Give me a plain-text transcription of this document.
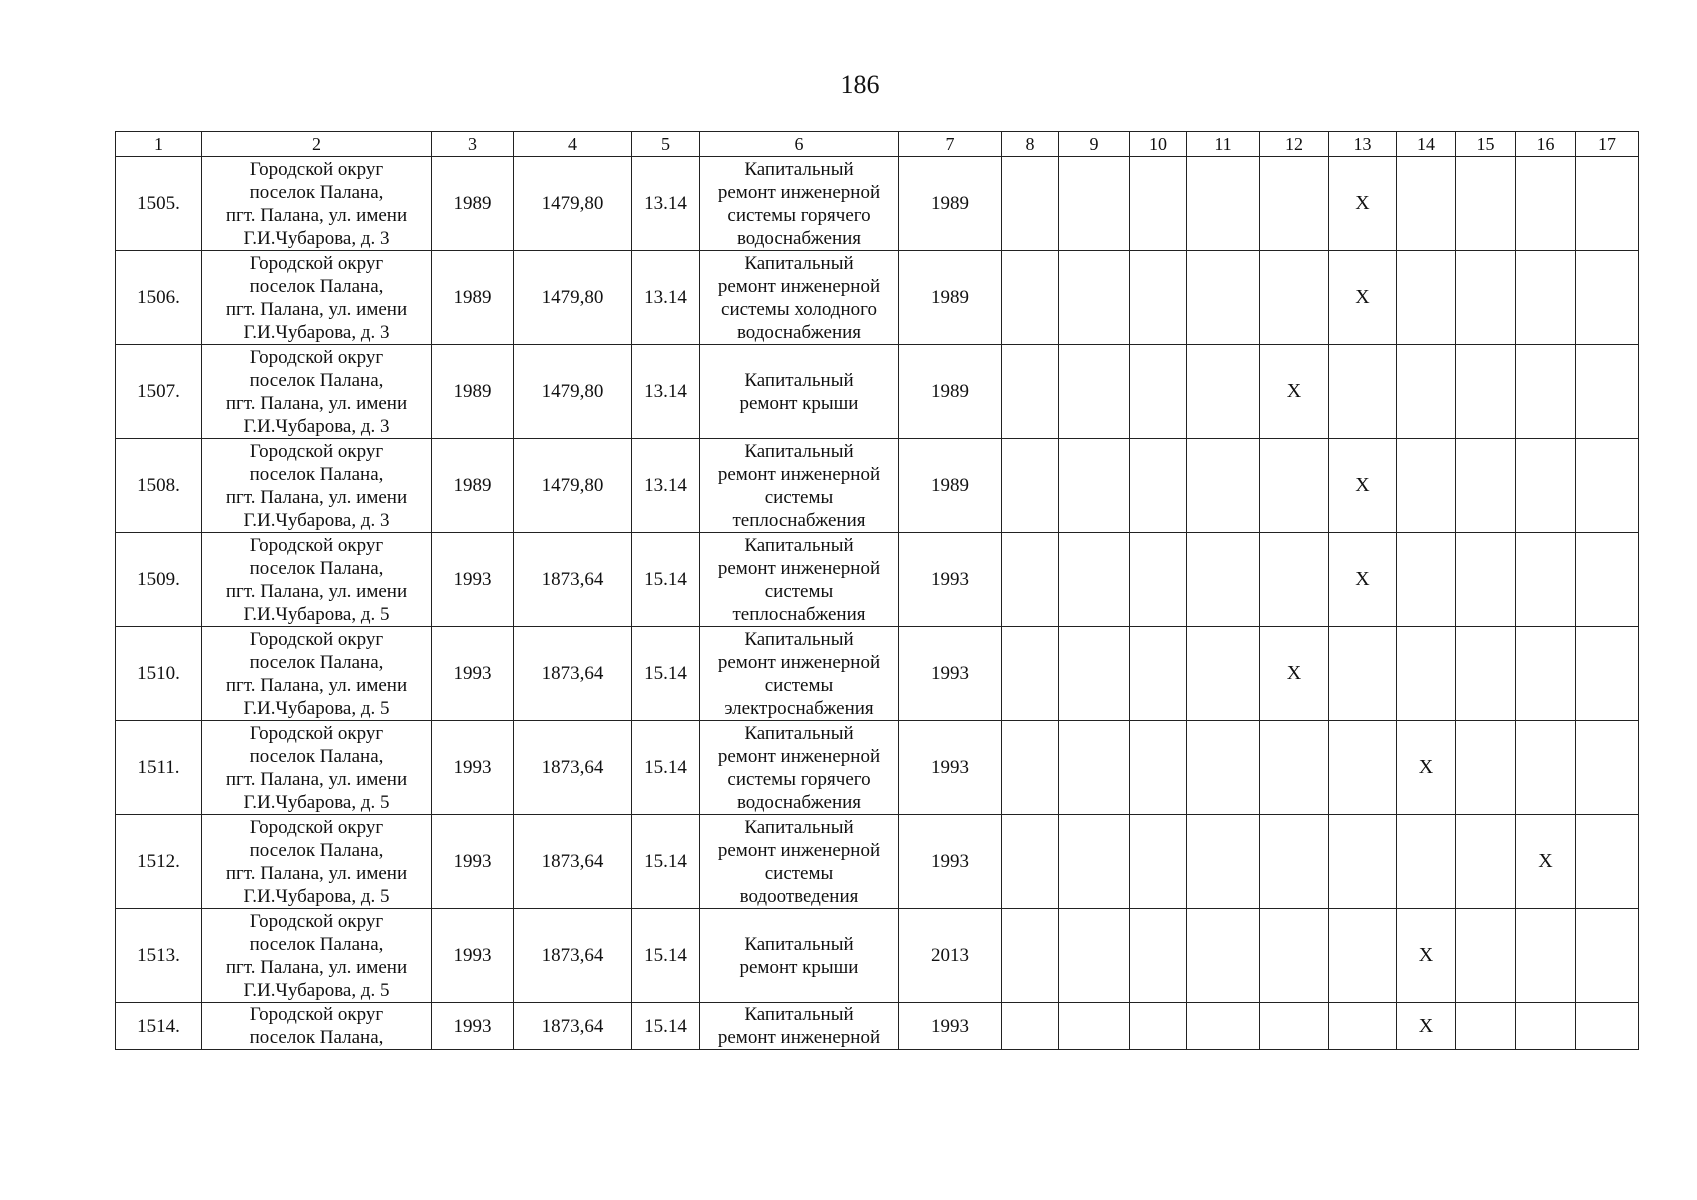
186
1	2	3	4	5	6	7	8	9	10	11	12	13	14	15	16	17
1505.	Городской округ
поселок Палана,
пгт. Палана, ул. имени
Г.И.Чубарова, д. 3	1989	1479,80	13.14	Капитальный
ремонт инженерной
системы горячего
водоснабжения	1989						X				
1506.	Городской округ
поселок Палана,
пгт. Палана, ул. имени
Г.И.Чубарова, д. 3	1989	1479,80	13.14	Капитальный
ремонт инженерной
системы холодного
водоснабжения	1989						X				
1507.	Городской округ
поселок Палана,
пгт. Палана, ул. имени
Г.И.Чубарова, д. 3	1989	1479,80	13.14	Капитальный
ремонт крыши	1989					X					
1508.	Городской округ
поселок Палана,
пгт. Палана, ул. имени
Г.И.Чубарова, д. 3	1989	1479,80	13.14	Капитальный
ремонт инженерной
системы
теплоснабжения	1989						X				
1509.	Городской округ
поселок Палана,
пгт. Палана, ул. имени
Г.И.Чубарова, д. 5	1993	1873,64	15.14	Капитальный
ремонт инженерной
системы
теплоснабжения	1993						X				
1510.	Городской округ
поселок Палана,
пгт. Палана, ул. имени
Г.И.Чубарова, д. 5	1993	1873,64	15.14	Капитальный
ремонт инженерной
системы
электроснабжения	1993					X					
1511.	Городской округ
поселок Палана,
пгт. Палана, ул. имени
Г.И.Чубарова, д. 5	1993	1873,64	15.14	Капитальный
ремонт инженерной
системы горячего
водоснабжения	1993							X			
1512.	Городской округ
поселок Палана,
пгт. Палана, ул. имени
Г.И.Чубарова, д. 5	1993	1873,64	15.14	Капитальный
ремонт инженерной
системы
водоотведения	1993									X	
1513.	Городской округ
поселок Палана,
пгт. Палана, ул. имени
Г.И.Чубарова, д. 5	1993	1873,64	15.14	Капитальный
ремонт крыши	2013							X			
1514.	Городской округ
поселок Палана,	1993	1873,64	15.14	Капитальный
ремонт инженерной	1993							X			
